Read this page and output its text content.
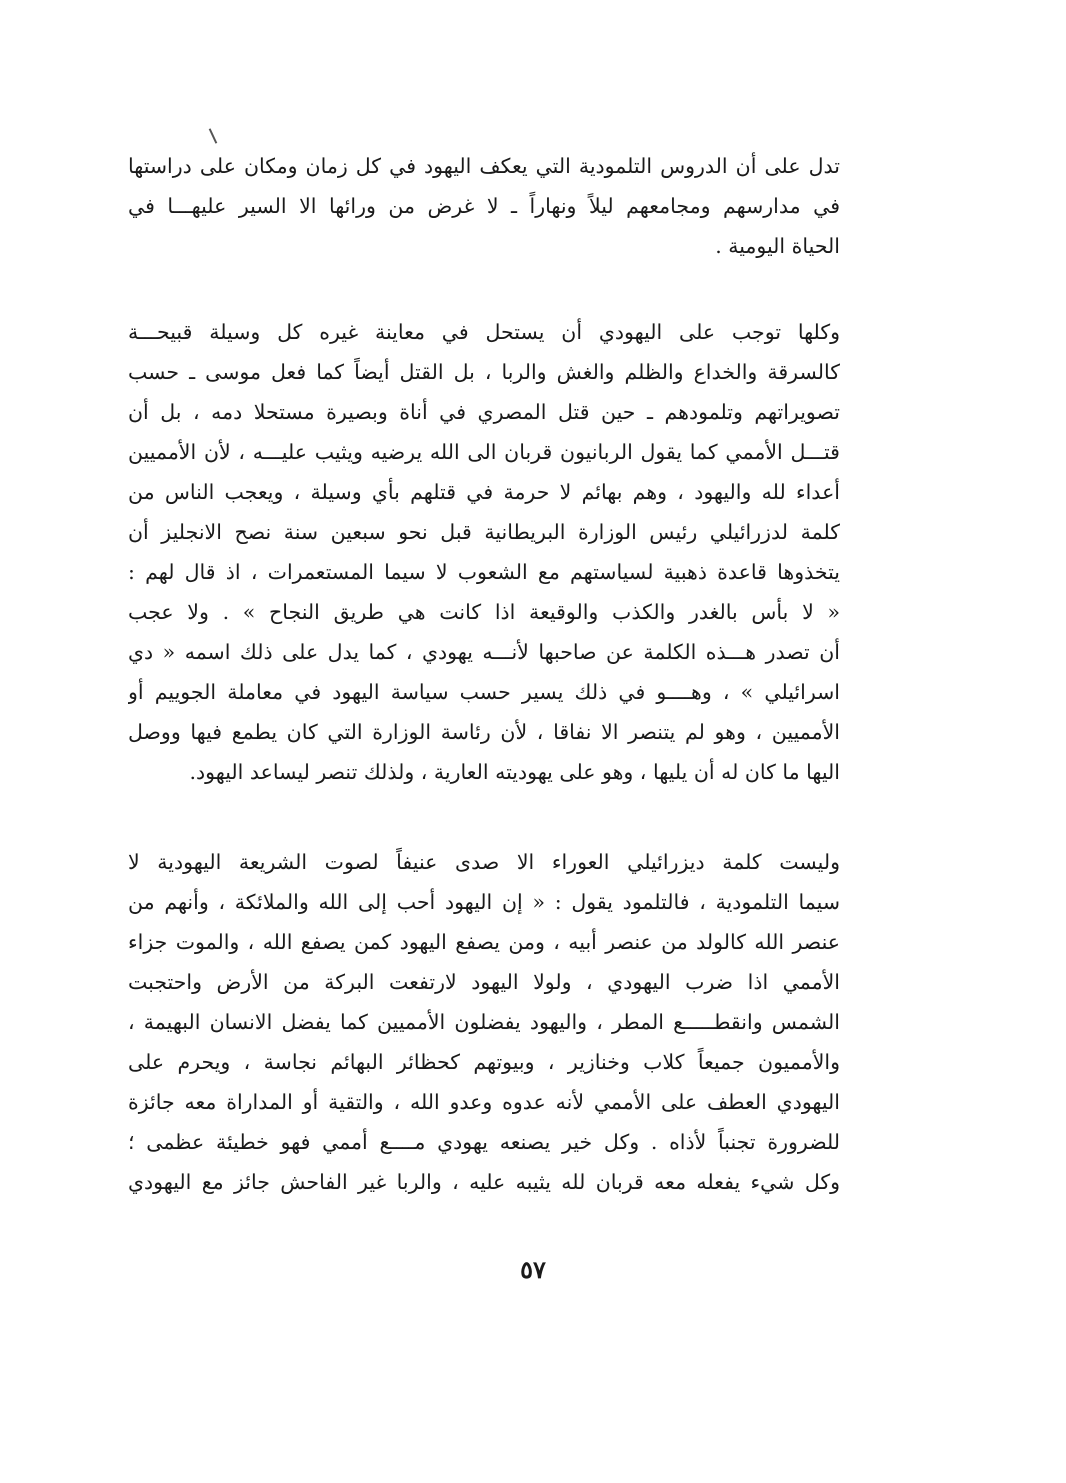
تدل على أن الدروس التلمودية التي يعكف اليهود في كل زمان ومكان على دراستها
في مدارسهم ومجامعهم ليلاً ونهاراً ـ لا غرض من ورائها الا السير عليهـــا في
الحياة اليومية .
وكلها توجب على اليهودي أن يستحل في معاينة غيره كل وسيلة قبيحـــة
كالسرقة والخداع والظلم والغش والربا ، بل القتل أيضاً كما فعل موسى ـ حسب
تصويراتهم وتلمودهم ـ حين قتل المصري في أناة وبصيرة مستحلا دمه ، بل أن
قتـــل الأممي كما يقول الربانيون قربان الى الله يرضيه ويثيب عليـــه ، لأن الأمميين
أعداء لله واليهود ، وهم بهائم لا حرمة في قتلهم بأي وسيلة ، ويعجب الناس من
كلمة لدزرائيلي رئيس الوزارة البريطانية قبل نحو سبعين سنة نصح الانجليز أن
يتخذوها قاعدة ذهبية لسياستهم مع الشعوب لا سيما المستعمرات ، اذ قال لهم :
« لا بأس بالغدر والكذب والوقيعة اذا كانت هي طريق النجاح » . ولا عجب
أن تصدر هـــذه الكلمة عن صاحبها لأنـــه يهودي ، كما يدل على ذلك اسمه « دي
اسرائيلي » ، وهــــو في ذلك يسير حسب سياسة اليهود في معاملة الجوييم أو
الأمميين ، وهو لم يتنصر الا نفاقا ، لأن رئاسة الوزارة التي كان يطمع فيها ووصل
اليها ما كان له أن يليها ، وهو على يهوديته العارية ، ولذلك تنصر ليساعد اليهود.
وليست كلمة ديزرائيلي العوراء الا صدى عنيفاً لصوت الشريعة اليهودية لا
سيما التلمودية ، فالتلمود يقول : « إن اليهود أحب إلى الله والملائكة ، وأنهم من
عنصر الله كالولد من عنصر أبيه ، ومن يصفع اليهود كمن يصفع الله ، والموت جزاء
الأممي اذا ضرب اليهودي ، ولولا اليهود لارتفعت البركة من الأرض واحتجبت
الشمس وانقطـــــع المطر ، واليهود يفضلون الأمميين كما يفضل الانسان البهيمة ،
والأمميون جميعاً كلاب وخنازير ، وبيوتهم كحظائر البهائم نجاسة ، ويحرم على
اليهودي العطف على الأممي لأنه عدوه وعدو الله ، والتقية أو المداراة معه جائزة
للضرورة تجنباً لأذاه . وكل خير يصنعه يهودي مــــع أممي فهو خطيئة عظمى ؛
وكل شيء يفعله معه قربان لله يثيبه عليه ، والربا غير الفاحش جائز مع اليهودي
٥٧
